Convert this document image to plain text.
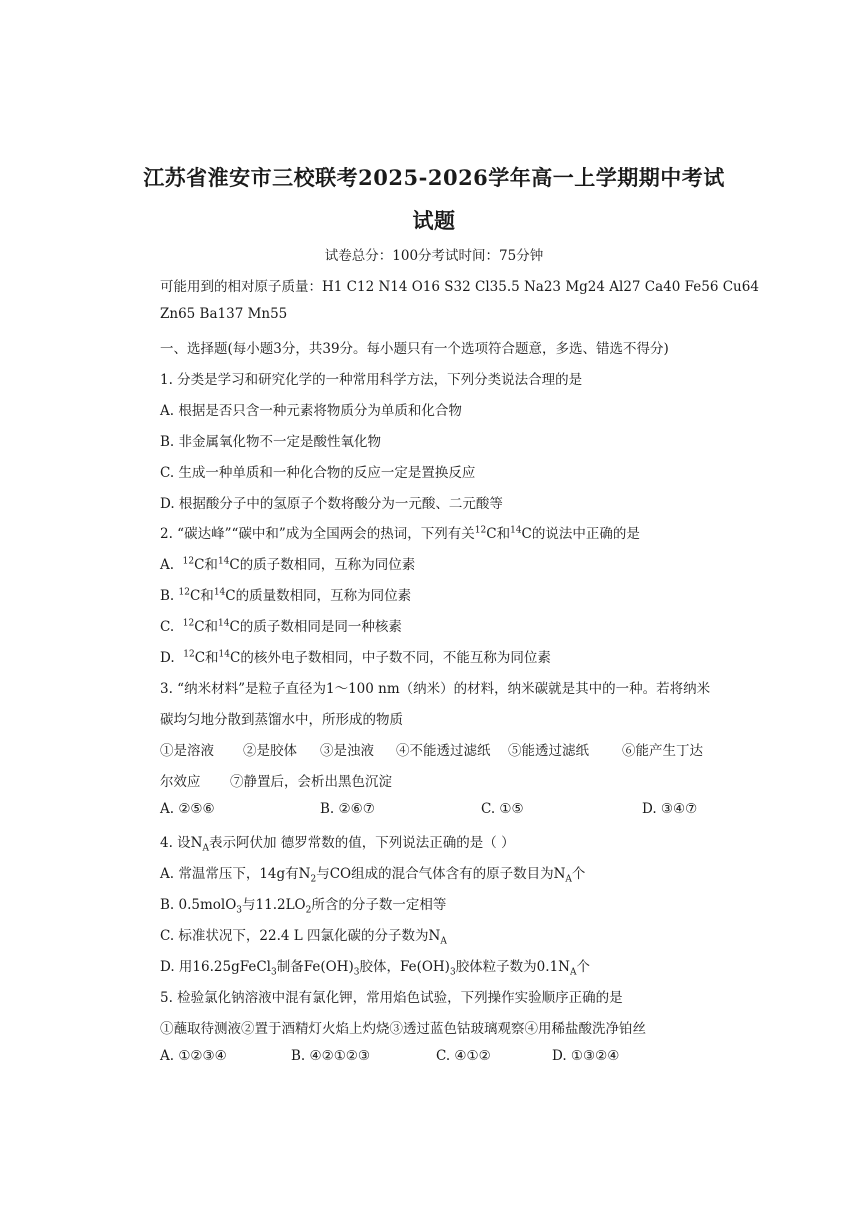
江苏省淮安市三校联考2025-2026学年高一上学期期中考试
试题
试卷总分：100分考试时间：75分钟
可能用到的相对原子质量：H1 C12 N14 O16 S32 Cl35.5 Na23 Mg24 Al27 Ca40 Fe56 Cu64
Zn65 Ba137 Mn55
一、选择题(每小题3分，共39分。每小题只有一个选项符合题意，多选、错选不得分)
1. 分类是学习和研究化学的一种常用科学方法，下列分类说法合理的是
A. 根据是否只含一种元素将物质分为单质和化合物
B. 非金属氧化物不一定是酸性氧化物
C. 生成一种单质和一种化合物的反应一定是置换反应
D. 根据酸分子中的氢原子个数将酸分为一元酸、二元酸等
2. “碳达峰”“碳中和”成为全国两会的热词，下列有关$^{12}$C和$^{14}$C的说法中正确的是
A. $^{12}$C和$^{14}$C的质子数相同，互称为同位素
B. $^{12}$C和$^{14}$C的质量数相同，互称为同位素
C. $^{12}$C和$^{14}$C的质子数相同是同一种核素
D. $^{12}$C和$^{14}$C的核外电子数相同，中子数不同，不能互称为同位素
3. “纳米材料”是粒子直径为1～100 nm（纳米）的材料，纳米碳就是其中的一种。若将纳米
碳均匀地分散到蒸馏水中，所形成的物质
①是溶液 ②是胶体 ③是浊液 ④不能透过滤纸 ⑤能透过滤纸 ⑥能产生丁达
尔效应 ⑦静置后，会析出黑色沉淀
A. ②⑤⑥	B. ②⑥⑦	C. ①⑤	D. ③④⑦
4. 设$N_A$表示阿伏加 德罗常数的值，下列说法正确的是（ ）
A. 常温常压下，14g有$N_2$与CO组成的混合气体含有的原子数目为$N_A$个
B. 0.5molO$_3$与$11.2LO_2$所含的分子数一定相等
C. 标准状况下，22.4 L 四氯化碳的分子数为$N_A$
D. 用16.25gFeCl$_3$制备$Fe(OH)_3$胶体，$Fe(OH)_3$胶体粒子数为$0.1N_A$个
5. 检验氯化钠溶液中混有氯化钾，常用焰色试验，下列操作实验顺序正确的是
①蘸取待测液②置于酒精灯火焰上灼烧③透过蓝色钴玻璃观察④用稀盐酸洗净铂丝
A. ①②③④	B. ④②①②③	C. ④①②	D. ①③②④
